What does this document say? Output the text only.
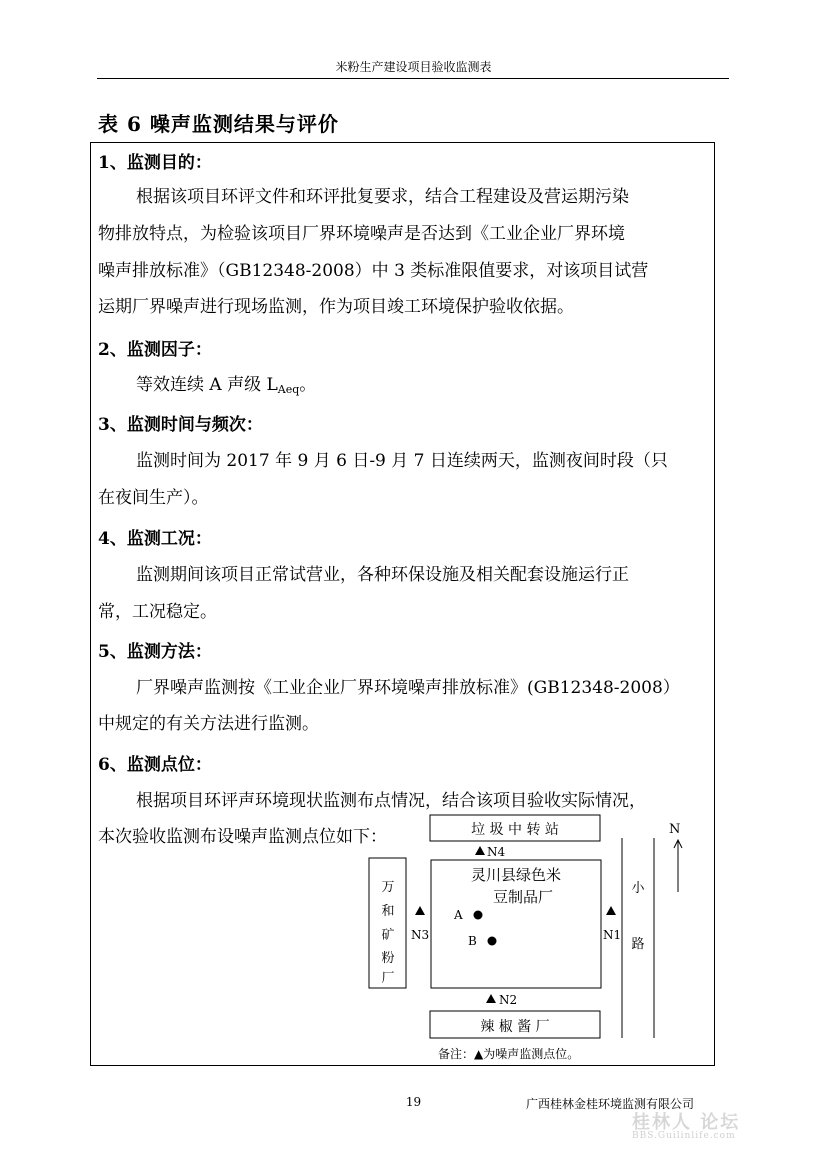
米粉生产建设项目验收监测表
表 6 噪声监测结果与评价
1、监测目的：
根据该项目环评文件和环评批复要求，结合工程建设及营运期污染
物排放特点，为检验该项目厂界环境噪声是否达到《工业企业厂界环境
噪声排放标准》（GB12348-2008）中 3 类标准限值要求，对该项目试营
运期厂界噪声进行现场监测，作为项目竣工环境保护验收依据。
2、监测因子：
等效连续 A 声级 $L_{Aeq}$。
3、监测时间与频次：
监测时间为 2017 年 9 月 6 日-9 月 7 日连续两天，监测夜间时段（只
在夜间生产）。
4、监测工况：
监测期间该项目正常试营业，各种环保设施及相关配套设施运行正
常，工况稳定。
5、监测方法：
厂界噪声监测按《工业企业厂界环境噪声排放标准》(GB12348-2008）
中规定的有关方法进行监测。
6、监测点位：
根据项目环评声环境现状监测布点情况，结合该项目验收实际情况，
本次验收监测布设噪声监测点位如下：	垃 圾 中 转 站
N4
灵川县绿色米
豆制品厂
A
B
万
和
矿
粉
厂
N3	N1
小
路
N
N2
辣 椒 酱 厂
备注：▲为噪声监测点位。
19	广西桂林金桂环境监测有限公司
桂林人 论坛
BBS.Guilinlife.com
